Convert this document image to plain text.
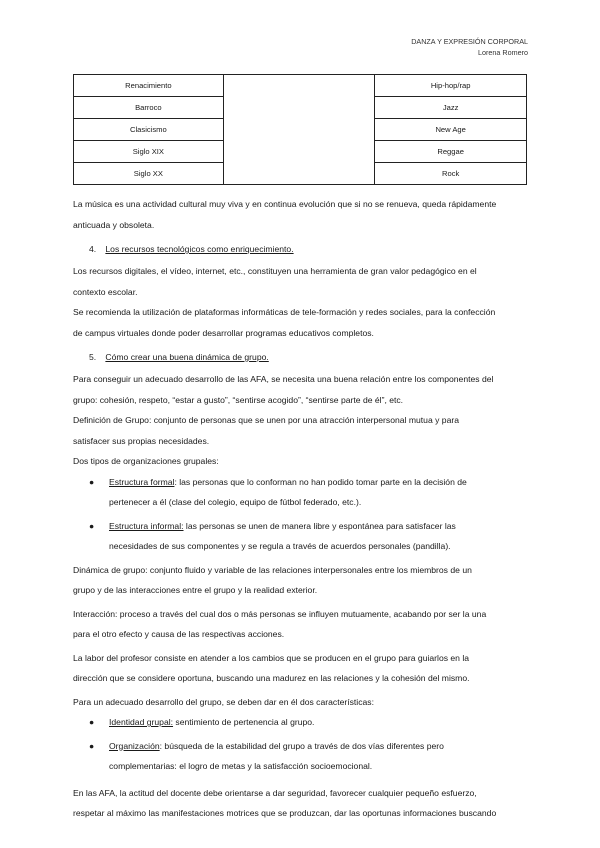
DANZA Y EXPRESIÓN CORPORAL
Lorena Romero
Renacimiento		Hip-hop/rap
Barroco		Jazz
Clasicismo		New Age
Siglo XIX		Reggae
Siglo XX		Rock

La música es una actividad cultural muy viva y en continua evolución que si no se renueva, queda rápidamente
anticuada y obsoleta.

4. Los recursos tecnológicos como enriquecimiento.

Los recursos digitales, el vídeo, internet, etc., constituyen una herramienta de gran valor pedagógico en el
contexto escolar.

Se recomienda la utilización de plataformas informáticas de tele-formación y redes sociales, para la confección
de campus virtuales donde poder desarrollar programas educativos completos.

5. Cómo crear una buena dinámica de grupo.

Para conseguir un adecuado desarrollo de las AFA, se necesita una buena relación entre los componentes del
grupo: cohesión, respeto, “estar a gusto”, “sentirse acogido”, “sentirse parte de él”, etc.

Definición de Grupo: conjunto de personas que se unen por una atracción interpersonal mutua y para
satisfacer sus propias necesidades.

Dos tipos de organizaciones grupales:

● Estructura formal: las personas que lo conforman no han podido tomar parte en la decisión de
pertenecer a él (clase del colegio, equipo de fútbol federado, etc.).
● Estructura informal: las personas se unen de manera libre y espontánea para satisfacer las
necesidades de sus componentes y se regula a través de acuerdos personales (pandilla).

Dinámica de grupo: conjunto fluido y variable de las relaciones interpersonales entre los miembros de un
grupo y de las interacciones entre el grupo y la realidad exterior.

Interacción: proceso a través del cual dos o más personas se influyen mutuamente, acabando por ser la una
para el otro efecto y causa de las respectivas acciones.

La labor del profesor consiste en atender a los cambios que se producen en el grupo para guiarlos en la
dirección que se considere oportuna, buscando una madurez en las relaciones y la cohesión del mismo.

Para un adecuado desarrollo del grupo, se deben dar en él dos características:

● Identidad grupal: sentimiento de pertenencia al grupo.
● Organización: búsqueda de la estabilidad del grupo a través de dos vías diferentes pero
complementarias: el logro de metas y la satisfacción socioemocional.

En las AFA, la actitud del docente debe orientarse a dar seguridad, favorecer cualquier pequeño esfuerzo,
respetar al máximo las manifestaciones motrices que se produzcan, dar las oportunas informaciones buscando
